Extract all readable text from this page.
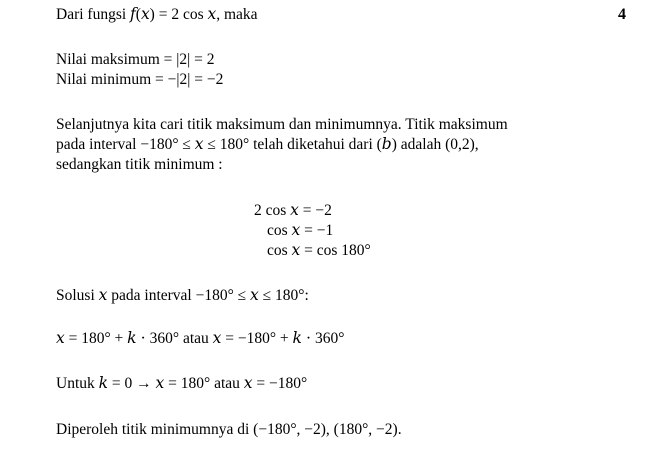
4
Dari fungsi 𝑓(𝑥) = 2 cos 𝑥, maka
Nilai maksimum = |2| = 2
Nilai minimum = −|2| = −2
Selanjutnya kita cari titik maksimum dan minimumnya. Titik maksimum
pada interval −180° ≤ 𝑥 ≤ 180° telah diketahui dari (𝑏) adalah (0,2),
sedangkan titik minimum :
2 cos 𝑥 = −2
cos 𝑥 = −1
cos 𝑥 = cos 180°
Solusi 𝑥 pada interval −180° ≤ 𝑥 ≤ 180°:
𝑥 = 180° + 𝑘 ⋅ 360° atau 𝑥 = −180° + 𝑘 ⋅ 360°
Untuk 𝑘 = 0 → 𝑥 = 180° atau 𝑥 = −180°
Diperoleh titik minimumnya di (−180°, −2), (180°, −2).
